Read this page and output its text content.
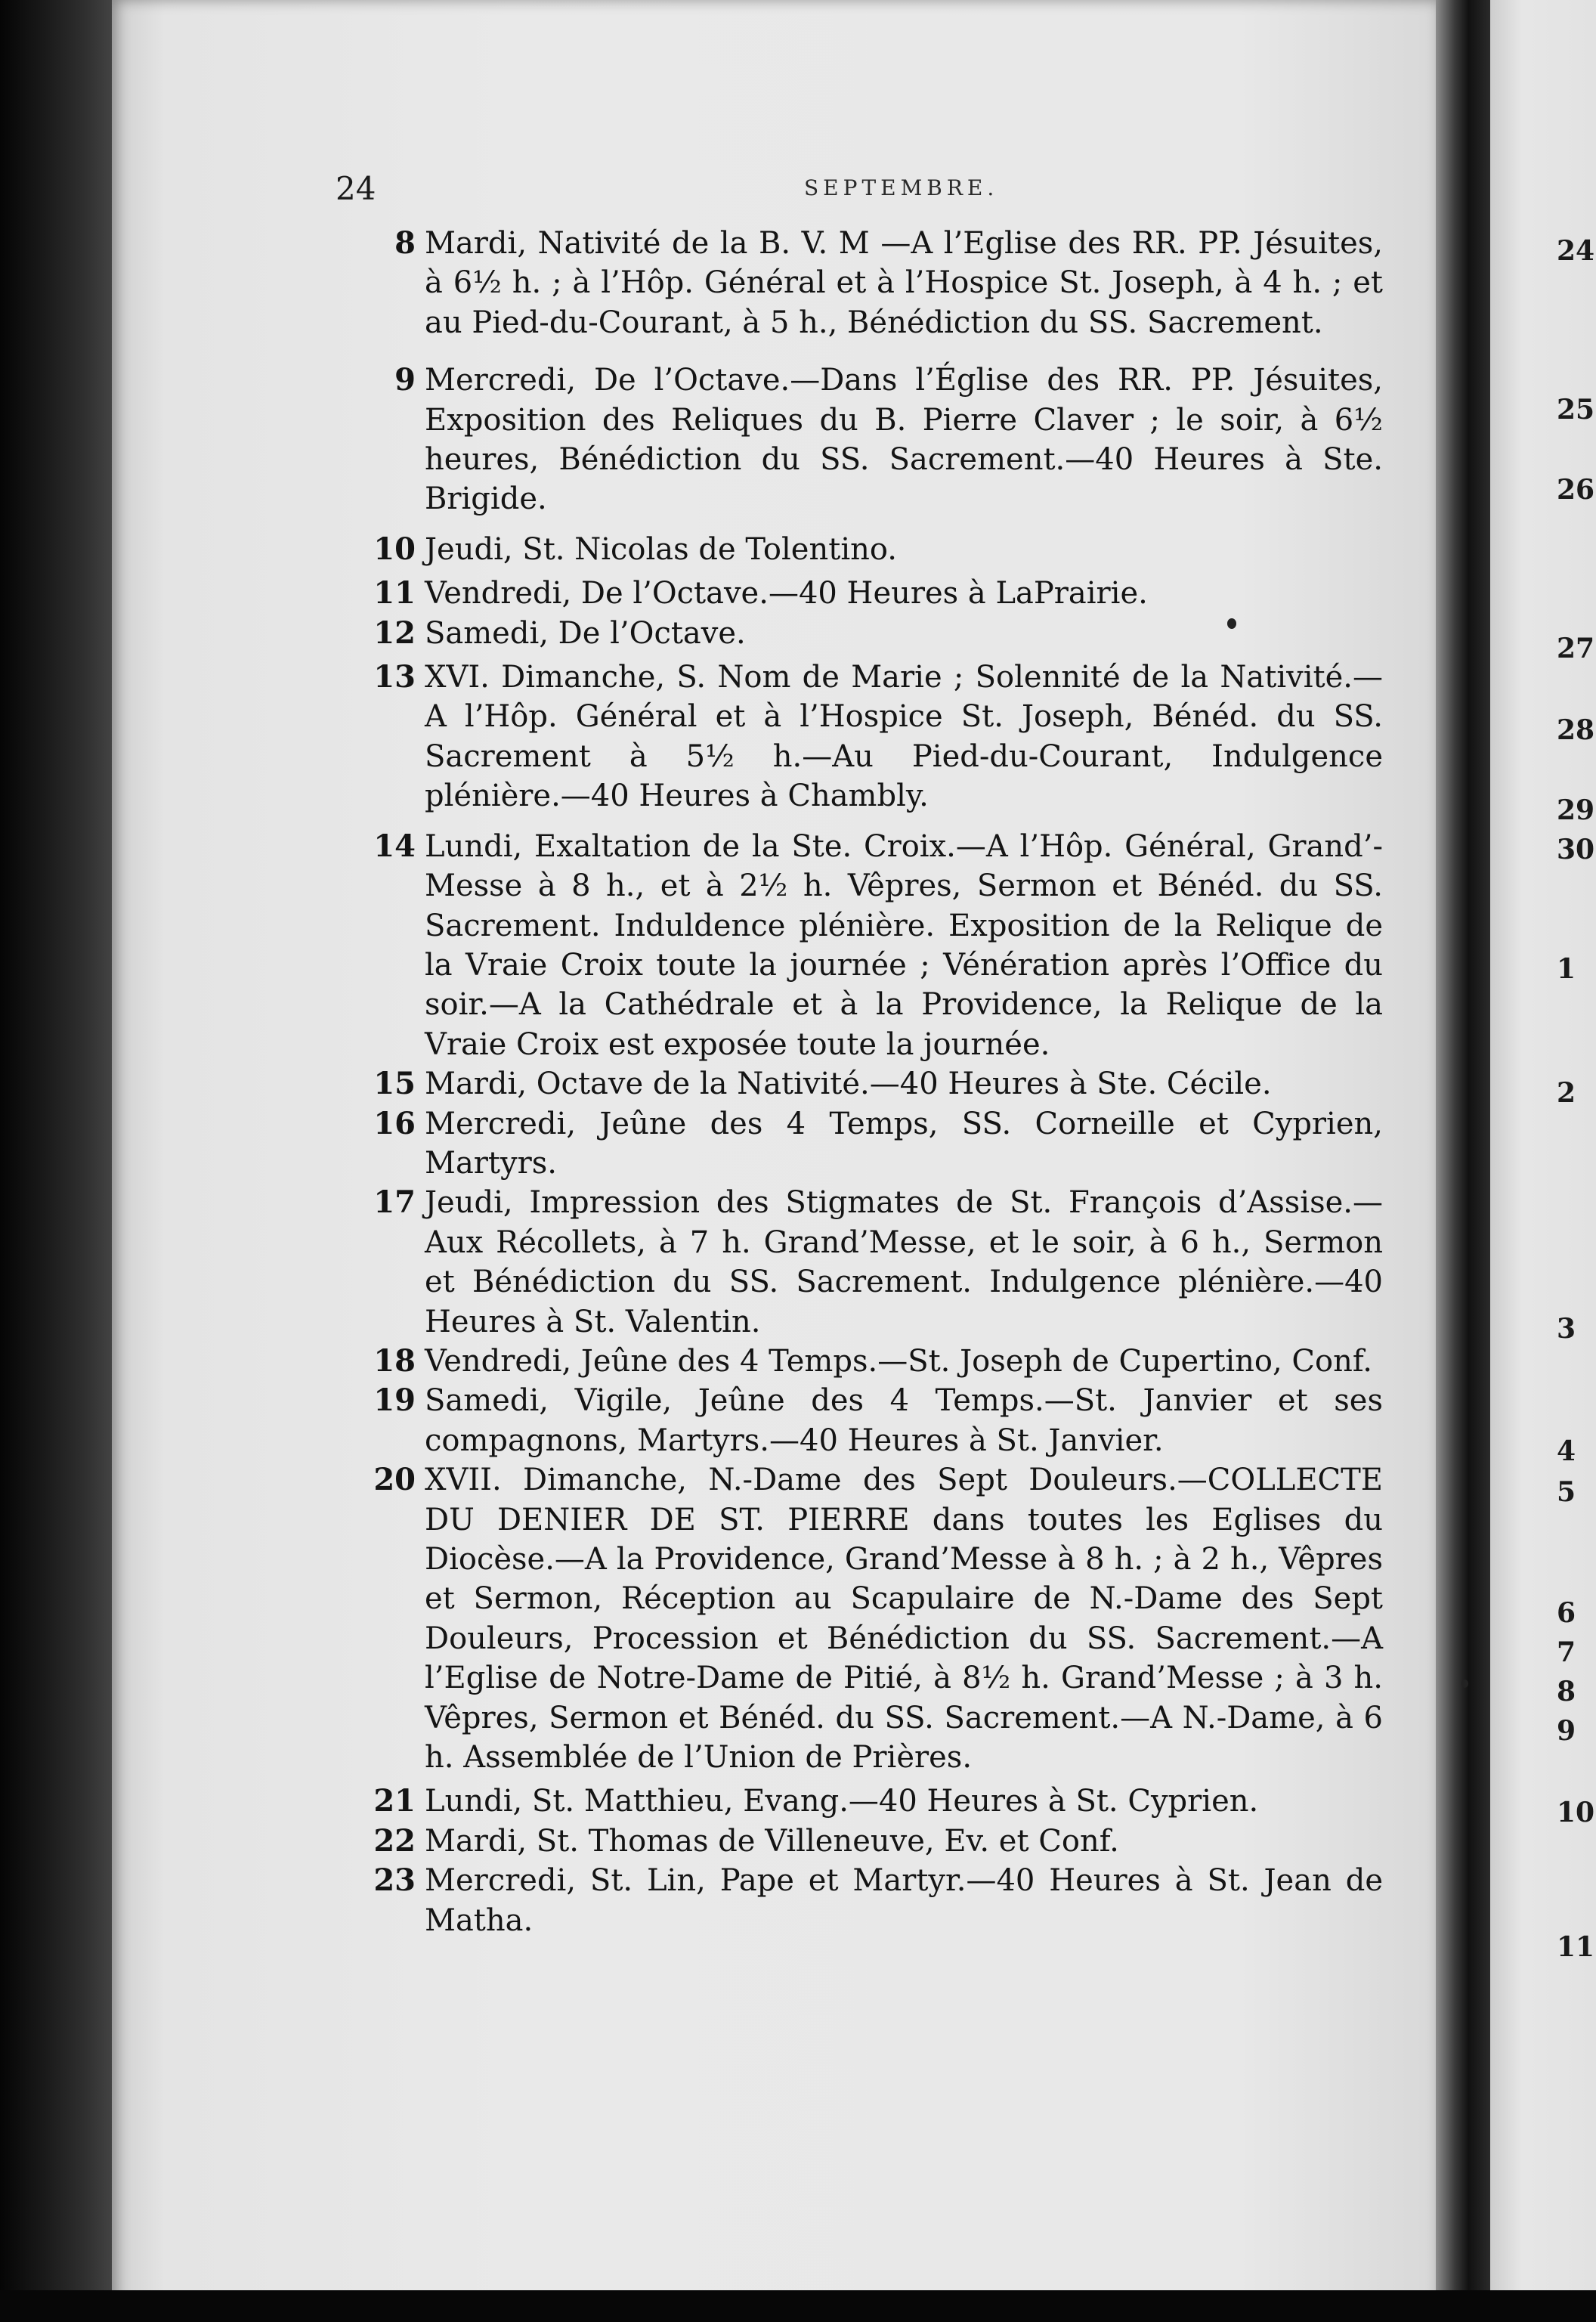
24	SEPTEMBRE.
8 Mardi, Nativité de la B. V. M —A l’Eglise des RR. PP. Jésuites, à 6½ h. ; à l’Hôp. Général et à l’Hospice St. Joseph, à 4 h. ; et au Pied-du-Courant, à 5 h., Bénédiction du SS. Sacrement.
9 Mercredi, De l’Octave.—Dans l’Église des RR. PP. Jésuites, Exposition des Reliques du B. Pierre Claver ; le soir, à 6½ heures, Bénédiction du SS. Sacrement.—40 Heures à Ste. Brigide.
10 Jeudi, St. Nicolas de Tolentino.
11 Vendredi, De l’Octave.—40 Heures à LaPrairie.
12 Samedi, De l’Octave.
13 XVI. Dimanche, S. Nom de Marie ; Solennité de la Nativité.—A l’Hôp. Général et à l’Hospice St. Joseph, Bénéd. du SS. Sacrement à 5½ h.—Au Pied-du-Courant, Indulgence plénière.—40 Heures à Chambly.
14 Lundi, Exaltation de la Ste. Croix.—A l’Hôp. Général, Grand’-Messe à 8 h., et à 2½ h. Vêpres, Sermon et Bénéd. du SS. Sacrement. Induldence plénière. Exposition de la Relique de la Vraie Croix toute la journée ; Vénération après l’Office du soir.—A la Cathédrale et à la Providence, la Relique de la Vraie Croix est exposée toute la journée.
15 Mardi, Octave de la Nativité.—40 Heures à Ste. Cécile.
16 Mercredi, Jeûne des 4 Temps, SS. Corneille et Cyprien, Martyrs.
17 Jeudi, Impression des Stigmates de St. François d’Assise.—Aux Récollets, à 7 h. Grand’Messe, et le soir, à 6 h., Sermon et Bénédiction du SS. Sacrement. Indulgence plénière.—40 Heures à St. Valentin.
18 Vendredi, Jeûne des 4 Temps.—St. Joseph de Cupertino, Conf.
19 Samedi, Vigile, Jeûne des 4 Temps.—St. Janvier et ses compagnons, Martyrs.—40 Heures à St. Janvier.
20 XVII. Dimanche, N.-Dame des Sept Douleurs.—COLLECTE DU DENIER DE ST. PIERRE dans toutes les Eglises du Diocèse.—A la Providence, Grand’Messe à 8 h. ; à 2 h., Vêpres et Sermon, Réception au Scapulaire de N.-Dame des Sept Douleurs, Procession et Bénédiction du SS. Sacrement.—A l’Eglise de Notre-Dame de Pitié, à 8½ h. Grand’Messe ; à 3 h. Vêpres, Sermon et Bénéd. du SS. Sacrement.—A N.-Dame, à 6 h. Assemblée de l’Union de Prières.
21 Lundi, St. Matthieu, Evang.—40 Heures à St. Cyprien.
22 Mardi, St. Thomas de Villeneuve, Ev. et Conf.
23 Mercredi, St. Lin, Pape et Martyr.—40 Heures à St. Jean de Matha.
24
25
26
27
28
29
30
1
2
3
4
5
6
7
8
9
10
11
